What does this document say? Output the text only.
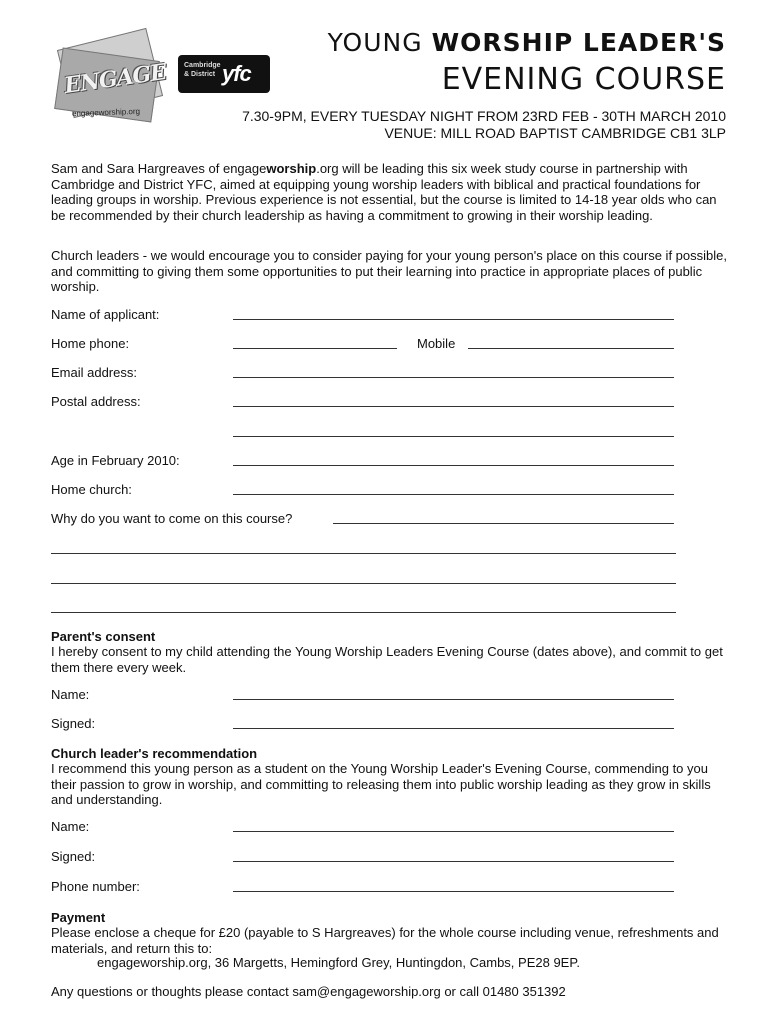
ENGAGE
engageworship.org
Cambridge & District yfc
YOUNG WORSHIP LEADER'S
EVENING COURSE
7.30-9PM, EVERY TUESDAY NIGHT FROM 23RD FEB - 30TH MARCH 2010
VENUE: MILL ROAD BAPTIST CAMBRIDGE CB1 3LP
Sam and Sara Hargreaves of engageworship.org will be leading this six week study course in partnership with Cambridge and District YFC, aimed at equipping young worship leaders with biblical and practical foundations for leading groups in worship. Previous experience is not essential, but the course is limited to 14-18 year olds who can be recommended by their church leadership as having a commitment to growing in their worship leading.
Church leaders - we would encourage you to consider paying for your young person's place on this course if possible, and committing to giving them some opportunities to put their learning into practice in appropriate places of public worship.
Name of applicant:
Home phone:	Mobile
Email address:
Postal address:
Age in February 2010:
Home church:
Why do you want to come on this course?
Parent's consent
I hereby consent to my child attending the Young Worship Leaders Evening Course (dates above), and commit to get them there every week.
Name:
Signed:
Church leader's recommendation
I recommend this young person as a student on the Young Worship Leader's Evening Course, commending to you their passion to grow in worship, and committing to releasing them into public worship leading as they grow in skills and understanding.
Name:
Signed:
Phone number:
Payment
Please enclose a cheque for £20 (payable to S Hargreaves) for the whole course including venue, refreshments and materials, and return this to:
engageworship.org, 36 Margetts, Hemingford Grey, Huntingdon, Cambs, PE28 9EP.
Any questions or thoughts please contact sam@engageworship.org or call 01480 351392
